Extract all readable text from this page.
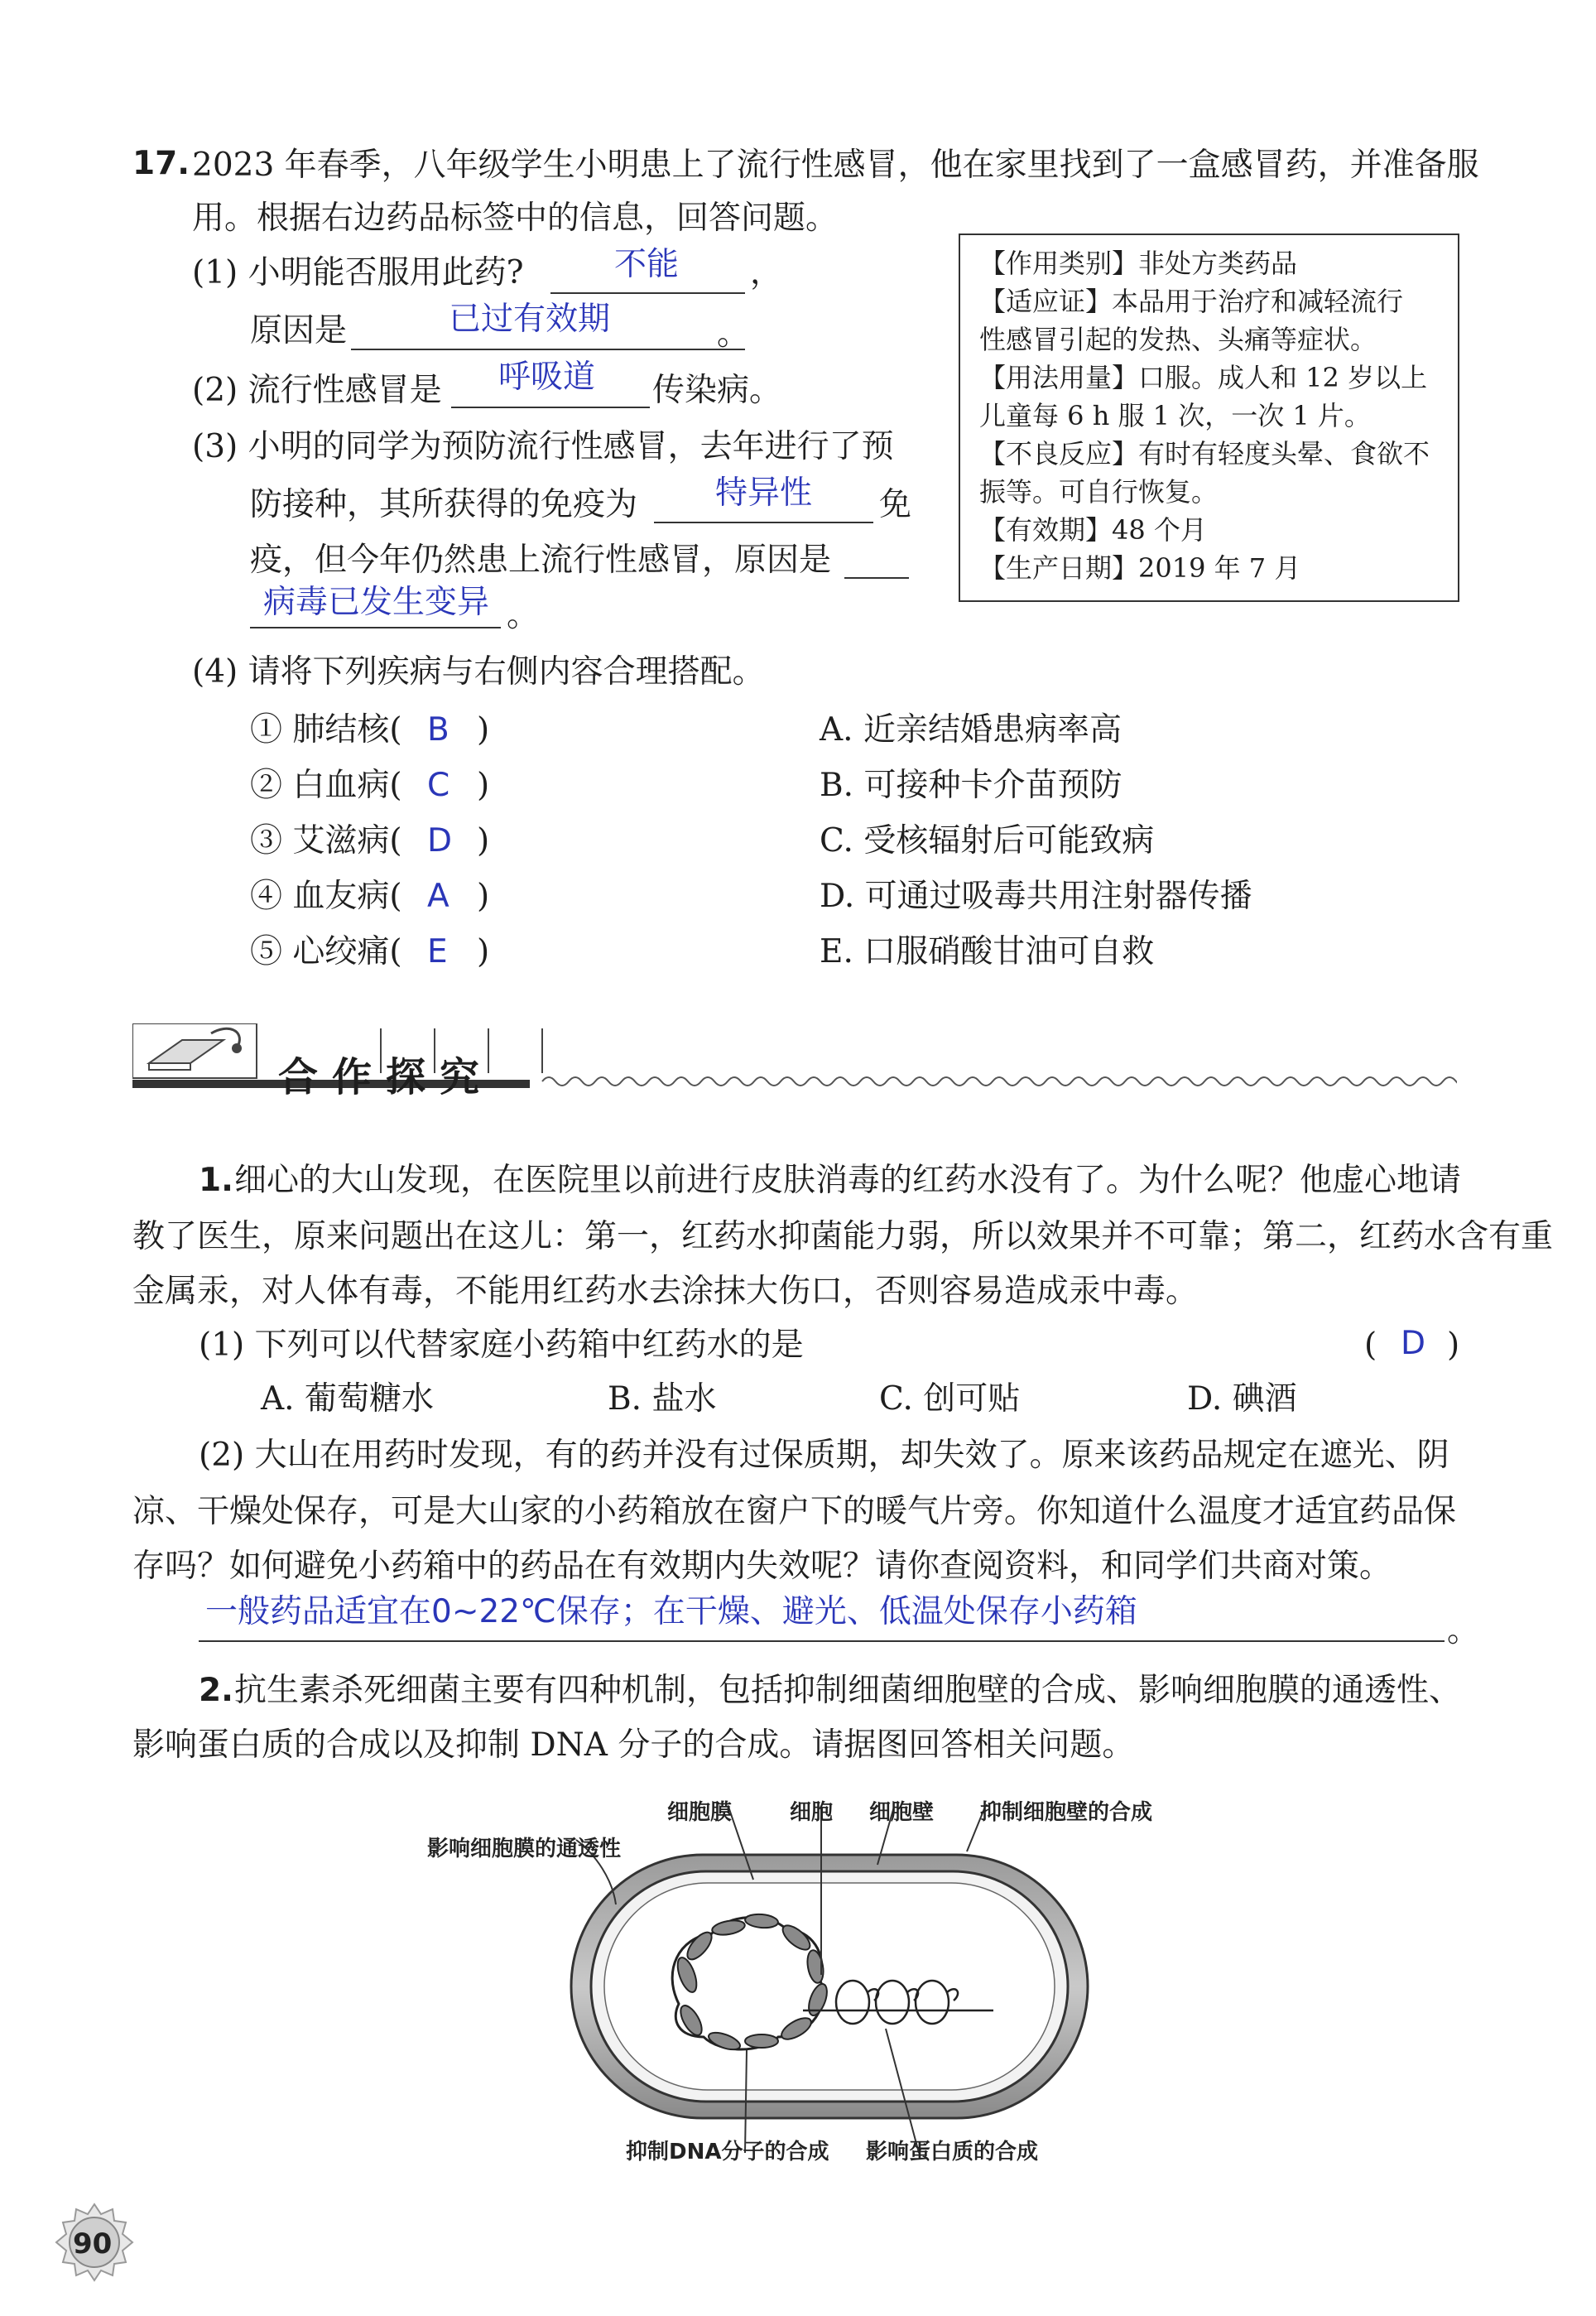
17. 2023 年春季，八年级学生小明患上了流行性感冒，他在家里找到了一盒感冒药，并准备服
用。根据右边药品标签中的信息，回答问题。
(1) 小明能否服用此药?	不能 ，
原因是	已过有效期	。
(2) 流行性感冒是 呼吸道 传染病。
(3) 小明的同学为预防流行性感冒，去年进行了预
防接种，其所获得的免疫为 特异性 免
疫，但今年仍然患上流行性感冒，原因是
病毒已发生变异 。
【作用类别】非处方类药品
【适应证】本品用于治疗和减轻流行
性感冒引起的发热、头痛等症状。
【用法用量】口服。成人和 12 岁以上
儿童每 6 h 服 1 次，一次 1 片。
【不良反应】有时有轻度头晕、食欲不
振等。可自行恢复。
【有效期】48 个月
【生产日期】2019 年 7 月
(4) 请将下列疾病与右侧内容合理搭配。
① 肺结核( B )	A. 近亲结婚患病率高
② 白血病( C )	B. 可接种卡介苗预防
③ 艾滋病( D )	C. 受核辐射后可能致病
④ 血友病( A )	D. 可通过吸毒共用注射器传播
⑤ 心绞痛( E )	E. 口服硝酸甘油可自救
合 作 探 究
1. 细心的大山发现，在医院里以前进行皮肤消毒的红药水没有了。为什么呢？他虚心地请
教了医生，原来问题出在这儿：第一，红药水抑菌能力弱，所以效果并不可靠；第二，红药水含有重
金属汞，对人体有毒，不能用红药水去涂抹大伤口，否则容易造成汞中毒。
(1) 下列可以代替家庭小药箱中红药水的是	( D )
A. 葡萄糖水	B. 盐水	C. 创可贴	D. 碘酒
(2) 大山在用药时发现，有的药并没有过保质期，却失效了。原来该药品规定在遮光、阴
凉、干燥处保存，可是大山家的小药箱放在窗户下的暖气片旁。你知道什么温度才适宜药品保
存吗？如何避免小药箱中的药品在有效期内失效呢？请你查阅资料，和同学们共商对策。
一般药品适宜在0~22℃保存；在干燥、避光、低温处保存小药箱
。
2. 抗生素杀死细菌主要有四种机制，包括抑制细菌细胞壁的合成、影响细胞膜的通透性、
影响蛋白质的合成以及抑制 DNA 分子的合成。请据图回答相关问题。
细胞膜	细胞 细胞壁 抑制细胞壁的合成
影响细胞膜的通透性
抑制DNA分子的合成 影响蛋白质的合成
90
